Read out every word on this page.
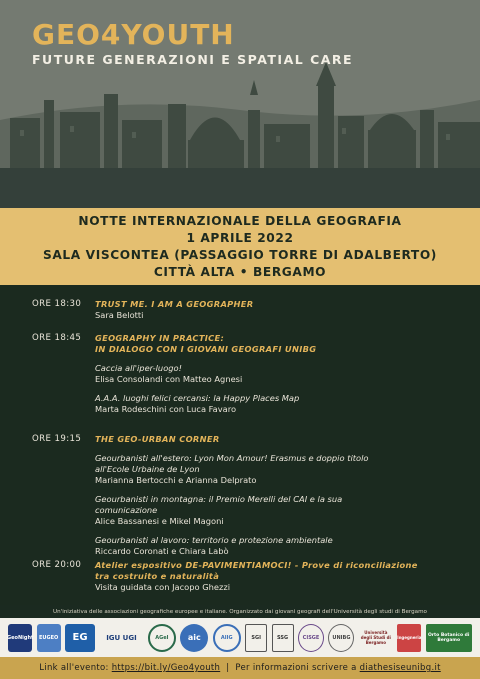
GEO4YOUTH
FUTURE GENERAZIONI E SPATIAL CARE
NOTTE INTERNAZIONALE DELLA GEOGRAFIA
1 APRILE 2022
SALA VISCONTEA (PASSAGGIO TORRE DI ADALBERTO)
CITTÀ ALTA • BERGAMO
ORE 18:30 TRUST ME. I AM A GEOGRAPHER
Sara Belotti
ORE 18:45 GEOGRAPHY IN PRACTICE:
IN DIALOGO CON I GIOVANI GEOGRAFI UNIBG
Caccia all'iper-luogo!
Elisa Consolandi con Matteo Agnesi
A.A.A. luoghi felici cercansi: la Happy Places Map
Marta Rodeschini con Luca Favaro
ORE 19:15 THE GEO-URBAN CORNER
Geourbanisti all'estero: Lyon Mon Amour! Erasmus e doppio titolo
all'Ecole Urbaine de Lyon
Marianna Bertocchi e Arianna Delprato
Geourbanisti in montagna: il Premio Merelli del CAI e la sua
comunicazione
Alice Bassanesi e Mikel Magoni
Geourbanisti al lavoro: territorio e protezione ambientale
Riccardo Coronati e Chiara Labò
ORE 20:00 Atelier espositivo DE-PAVIMENTIAMOCI! - Prove di riconciliazione
tra costruito e naturalità
Visita guidata con Jacopo Ghezzi
Un'iniziativa delle associazioni geografiche europee e italiane. Organizzato dai giovani geografi dell'Università degli studi di Bergamo
GeoNight	EUGEO	EG	IGU UGI	AGeI	aic	AIIG	SGI	SSG	CISGE	UNIBG
Università degli Studi di Bergamo
Ingegneria	Orto Botanico di Bergamo
Link all'evento:
https://bit.ly/Geo4youth | Per informazioni scrivere a
diathesiseunibg.it
